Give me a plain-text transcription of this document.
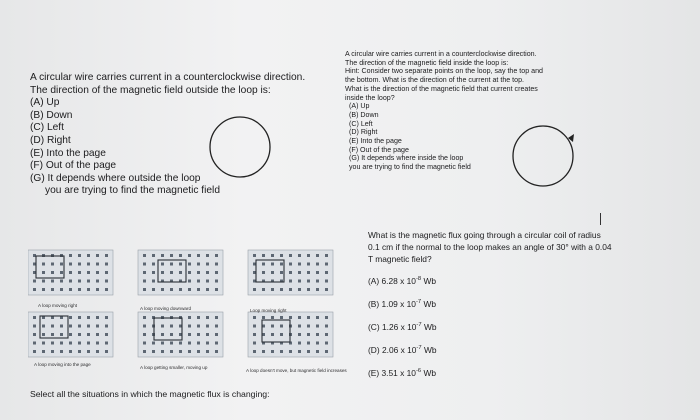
A circular wire carries current in a counterclockwise direction.
The direction of the magnetic field outside the loop is:
(A) Up
(B) Down
(C) Left
(D) Right
(E) Into the page
(F) Out of the page
(G) It depends where outside the loop
you are trying to find the magnetic field
A circular wire carries current in a counterclockwise direction.
The direction of the magnetic field inside the loop is:
Hint: Consider two separate points on the loop, say the top and
the bottom. What is the direction of the current at the top.
What is the direction of the magnetic field that current creates
inside the loop?
(A) Up
(B) Down
(C) Left
(D) Right
(E) Into the page
(F) Out of the page
(G) It depends where inside the loop
you are trying to find the magnetic field
What is the magnetic flux going through a circular coil of radius
0.1 cm if the normal to the loop makes an angle of 30° with a 0.04
T magnetic field?
(A) 6.28 x $10^{-8}$ Wb
(B) 1.09 x $10^{-7}$ Wb
(C) 1.26 x $10^{-7}$ Wb
(D) 2.06 x $10^{-7}$ Wb
(E) 3.51 x $10^{-6}$ Wb
A loop moving right
A loop moving downward	Loop moving right
A loop moving into the page
A loop getting smaller, moving up
A loop doesn't move, but magnetic field increases
Select all the situations in which the magnetic flux is changing:
